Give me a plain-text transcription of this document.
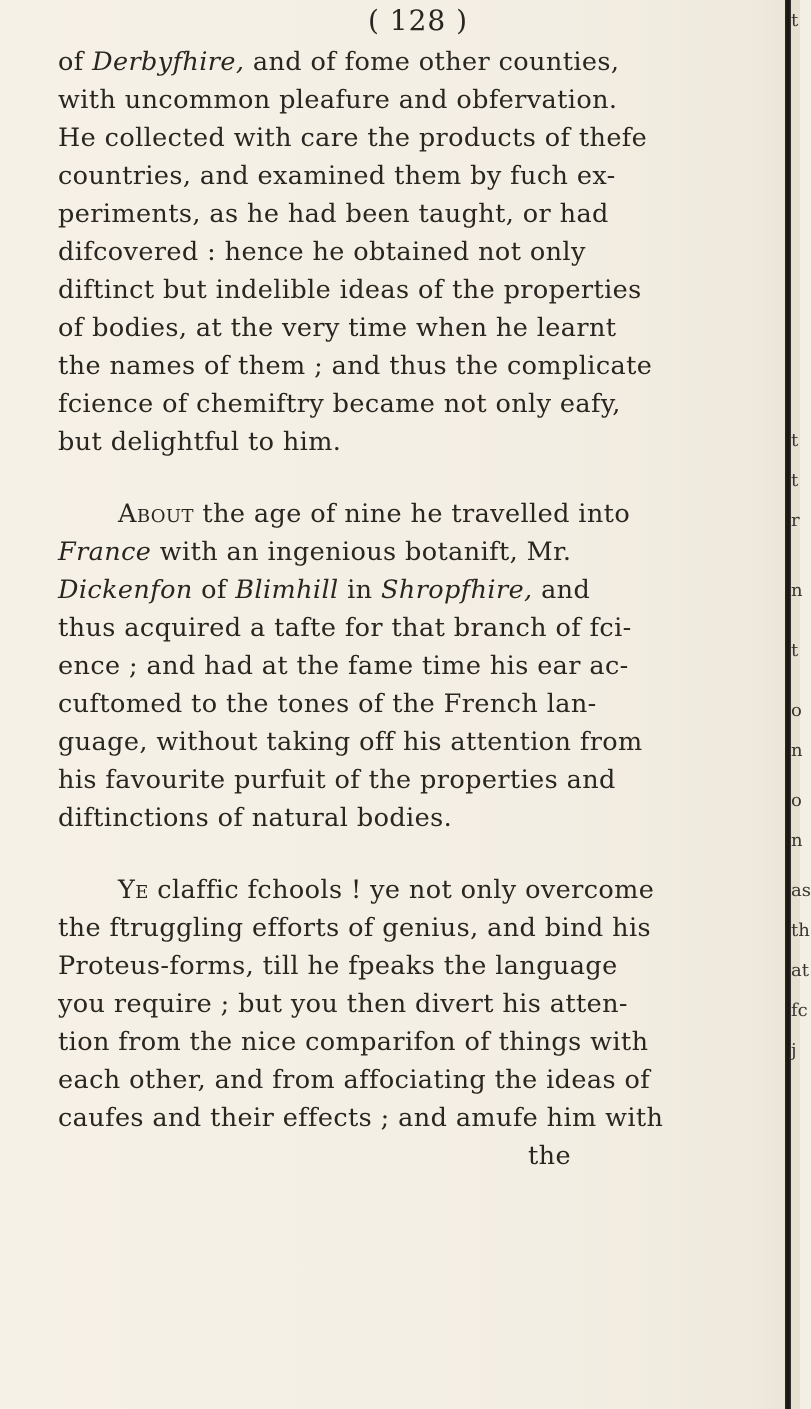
( 128 )
of Derbyfhire, and of fome other counties,
with uncommon pleafure and obfervation.
He collected with care the products of thefe
countries, and examined them by fuch ex-
periments, as he had been taught, or had
difcovered : hence he obtained not only
diftinct but indelible ideas of the properties
of bodies, at the very time when he learnt
the names of them ; and thus the complicate
fcience of chemiftry became not only eafy,
but delightful to him.
About the age of nine he travelled into
France with an ingenious botanift, Mr.
Dickenfon of Blimhill in Shropfhire, and
thus acquired a tafte for that branch of fci-
ence ; and had at the fame time his ear ac-
cuftomed to the tones of the French lan-
guage, without taking off his attention from
his favourite purfuit of the properties and
diftinctions of natural bodies.
Ye claffic fchools ! ye not only overcome
the ftruggling efforts of genius, and bind his
Proteus-forms, till he fpeaks the language
you require ; but you then divert his atten-
tion from the nice comparifon of things with
each other, and from affociating the ideas of
caufes and their effects ; and amufe him with
the
t
t
t
r
n
t
o
n
o
n
as
th
at
fc
j
